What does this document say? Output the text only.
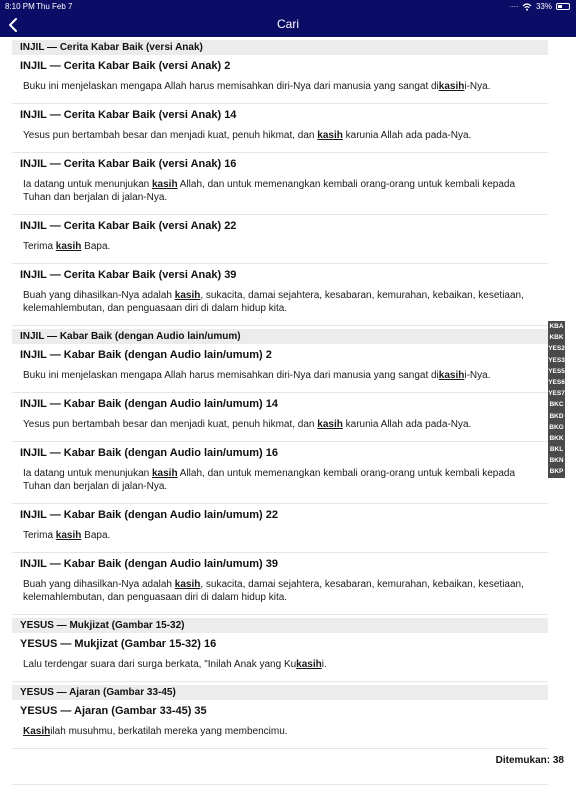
8:10 PM Thu Feb 7	····· 33%
Cari
INJIL — Cerita Kabar Baik (versi Anak)
INJIL — Cerita Kabar Baik (versi Anak) 2
Buku ini menjelaskan mengapa Allah harus memisahkan diri-Nya dari manusia yang sangat dikasihi-Nya.
INJIL — Cerita Kabar Baik (versi Anak) 14
Yesus pun bertambah besar dan menjadi kuat, penuh hikmat, dan kasih karunia Allah ada pada-Nya.
INJIL — Cerita Kabar Baik (versi Anak) 16
Ia datang untuk menunjukan kasih Allah, dan untuk memenangkan kembali orang-orang untuk kembali kepada Tuhan dan berjalan di jalan-Nya.
INJIL — Cerita Kabar Baik (versi Anak) 22
Terima kasih Bapa.
INJIL — Cerita Kabar Baik (versi Anak) 39
Buah yang dihasilkan-Nya adalah kasih, sukacita, damai sejahtera, kesabaran, kemurahan, kebaikan, kesetiaan, kelemahlembutan, dan penguasaan diri di dalam hidup kita.
INJIL — Kabar Baik (dengan Audio lain/umum)
INJIL — Kabar Baik (dengan Audio lain/umum) 2
Buku ini menjelaskan mengapa Allah harus memisahkan diri-Nya dari manusia yang sangat dikasihi-Nya.
INJIL — Kabar Baik (dengan Audio lain/umum) 14
Yesus pun bertambah besar dan menjadi kuat, penuh hikmat, dan kasih karunia Allah ada pada-Nya.
INJIL — Kabar Baik (dengan Audio lain/umum) 16
Ia datang untuk menunjukan kasih Allah, dan untuk memenangkan kembali orang-orang untuk kembali kepada Tuhan dan berjalan di jalan-Nya.
INJIL — Kabar Baik (dengan Audio lain/umum) 22
Terima kasih Bapa.
INJIL — Kabar Baik (dengan Audio lain/umum) 39
Buah yang dihasilkan-Nya adalah kasih, sukacita, damai sejahtera, kesabaran, kemurahan, kebaikan, kesetiaan, kelemahlembutan, dan penguasaan diri di dalam hidup kita.
YESUS — Mukjizat (Gambar 15-32)
YESUS — Mukjizat (Gambar 15-32) 16
Lalu terdengar suara dari surga berkata, "Inilah Anak yang Kukasihi.
YESUS — Ajaran (Gambar 33-45)
YESUS — Ajaran (Gambar 33-45) 35
Kasihilah musuhmu, berkatilah mereka yang membencimu.
KBA
KBK
YES2
YES3
YES5
YES6
YES7
BKC
BKD
BKG
BKK
BKL
BKN
BKP
Ditemukan: 38
